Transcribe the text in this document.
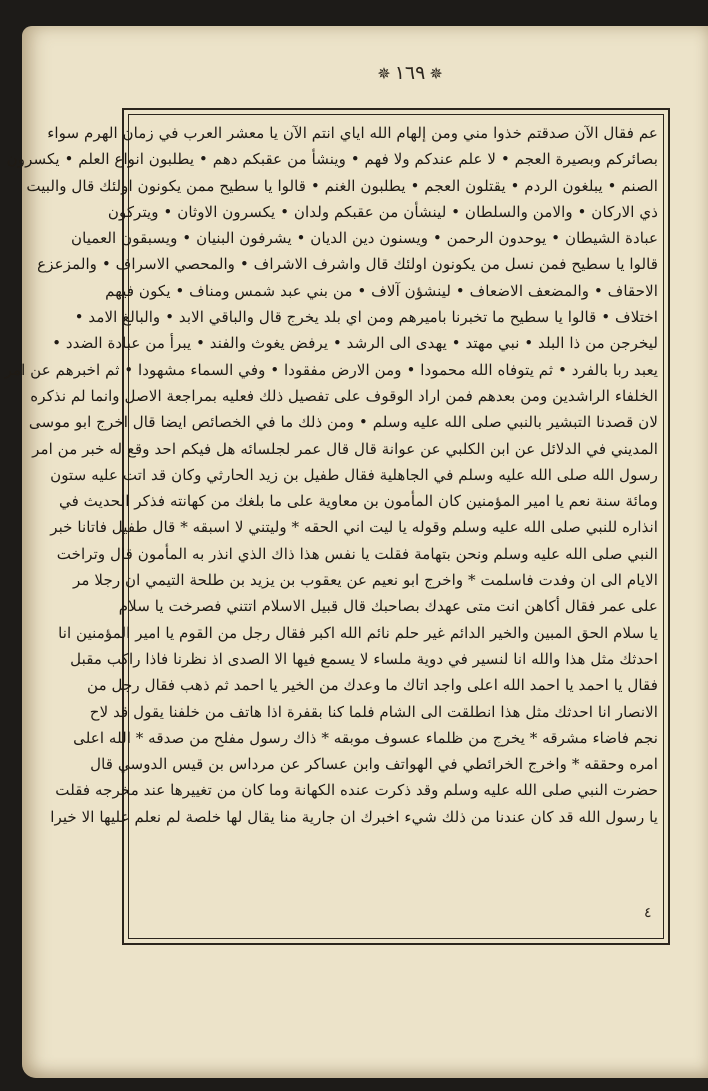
✵ ١٦٩ ✵
عم فقال الآن صدقتم خذوا مني ومن إلهام الله اياي انتم الآن يا معشر العرب في زمان الهرم سواء
بصائركم وبصيرة العجم • لا علم عندكم ولا فهم • وينشأ من عقبكم دهم • يطلبون انواع العلم • يكسرون
الصنم • يبلغون الردم • يقتلون العجم • يطلبون الغنم • قالوا يا سطيح ممن يكونون اولئك قال والبيت
ذي الاركان • والامن والسلطان • لينشأن من عقبكم ولدان • يكسرون الاوثان • ويتركون
عبادة الشيطان • يوحدون الرحمن • ويسنون دين الديان • يشرفون البنيان • ويسبقون العميان
قالوا يا سطيح فمن نسل من يكونون اولئك قال واشرف الاشراف • والمحصي الاسراف • والمزعزع
الاحقاف • والمضعف الاضعاف • لينشؤن آلاف • من بني عبد شمس ومناف • يكون فيهم
اختلاف • قالوا يا سطيح ما تخبرنا باميرهم ومن اي بلد يخرج قال والباقي الابد • والبالغ الامد •
ليخرجن من ذا البلد • نبي مهتد • يهدى الى الرشد • يرفض يغوث والفند • يبرأ من عبادة الضدد •
يعبد ربا بالفرد • ثم يتوفاه الله محمودا • ومن الارض مفقودا • وفي السماء مشهودا • ثم اخبرهم عن امر
الخلفاء الراشدين ومن بعدهم فمن اراد الوقوف على تفصيل ذلك فعليه بمراجعة الاصل وانما لم نذكره
لان قصدنا التبشير بالنبي صلى الله عليه وسلم • ومن ذلك ما في الخصائص ايضا قال اخرج ابو موسى
المديني في الدلائل عن ابن الكلبي عن عوانة قال قال عمر لجلسائه هل فيكم احد وقع له خبر من امر
رسول الله صلى الله عليه وسلم في الجاهلية فقال طفيل بن زيد الحارثي وكان قد اتت عليه ستون
ومائة سنة نعم يا امير المؤمنين كان المأمون بن معاوية على ما بلغك من كهانته فذكر الحديث في
انذاره للنبي صلى الله عليه وسلم وقوله يا ليت اني الحقه * وليتني لا اسبقه * قال طفيل فاتانا خبر
النبي صلى الله عليه وسلم ونحن بتهامة فقلت يا نفس هذا ذاك الذي انذر به المأمون قال وتراخت
الايام الى ان وفدت فاسلمت * واخرج ابو نعيم عن يعقوب بن يزيد بن طلحة التيمي ان رجلا مر
على عمر فقال أكاهن انت متى عهدك بصاحبك قال قبيل الاسلام اتتني فصرخت يا سلام
يا سلام الحق المبين والخير الدائم غير حلم نائم الله اكبر فقال رجل من القوم يا امير المؤمنين انا
احدثك مثل هذا والله انا لنسير في دوية ملساء لا يسمع فيها الا الصدى اذ نظرنا فاذا راكب مقبل
فقال يا احمد يا احمد الله اعلى واجد اتاك ما وعدك من الخير يا احمد ثم ذهب فقال رجل من
الانصار انا احدثك مثل هذا انطلقت الى الشام فلما كنا بقفرة اذا هاتف من خلفنا يقول قد لاح
نجم فاضاء مشرقه * يخرج من ظلماء عسوف موبقه * ذاك رسول مفلح من صدقه * الله اعلى
امره وحققه * واخرج الخرائطي في الهواتف وابن عساكر عن مرداس بن قيس الدوسي قال
حضرت النبي صلى الله عليه وسلم وقد ذكرت عنده الكهانة وما كان من تغييرها عند مخرجه فقلت
يا رسول الله قد كان عندنا من ذلك شيء اخبرك ان جارية منا يقال لها خلصة لم نعلم عليها الا خيرا
٤
